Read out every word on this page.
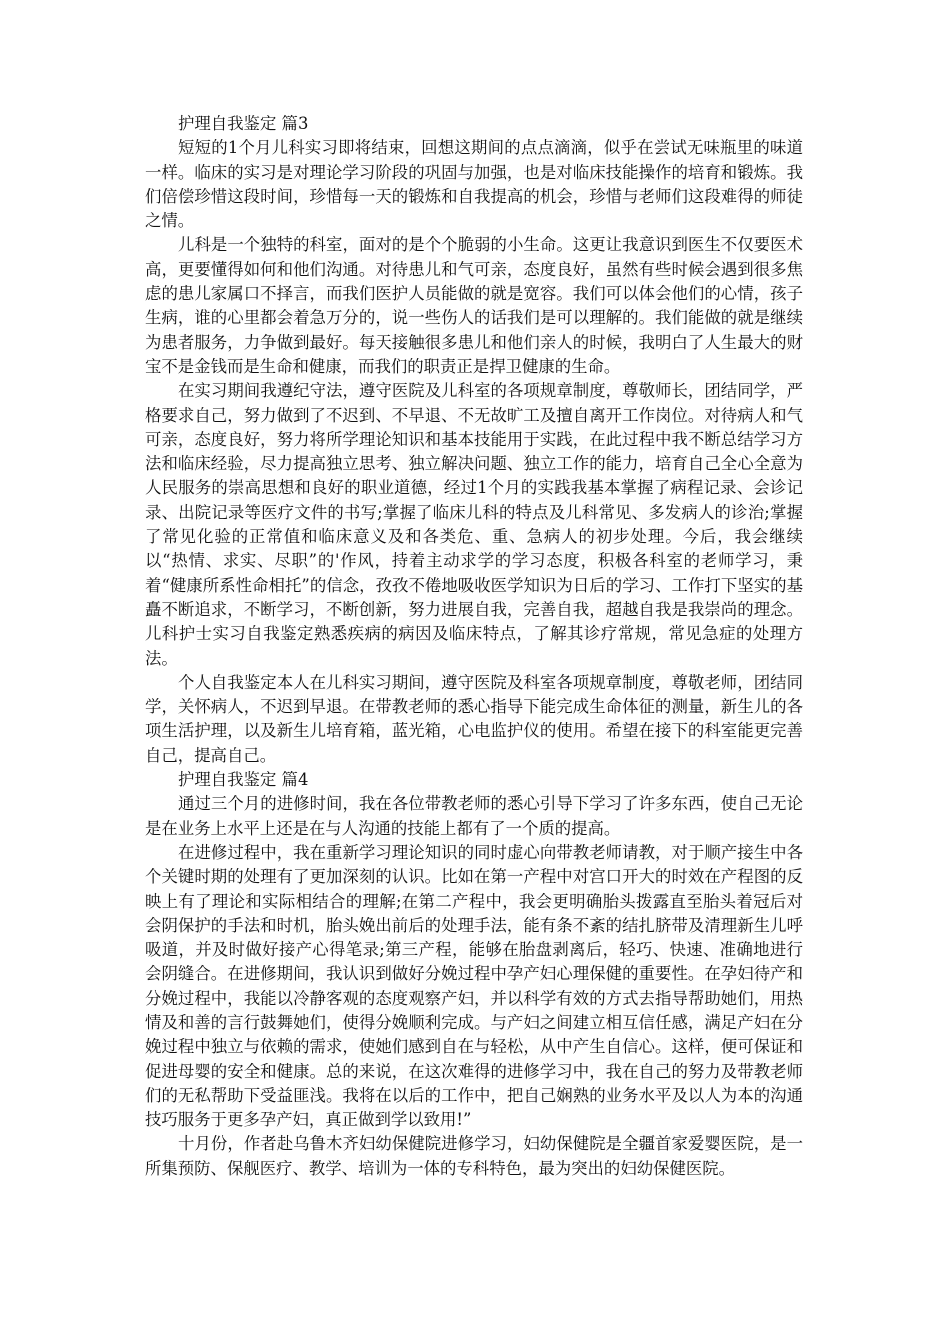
护理自我鉴定 篇3

短短的1个月儿科实习即将结束，回想这期间的点点滴滴，似乎在尝试无味瓶里的味道一样。临床的实习是对理论学习阶段的巩固与加强，也是对临床技能操作的培育和锻炼。我们倍偿珍惜这段时间，珍惜每一天的锻炼和自我提高的机会，珍惜与老师们这段难得的师徒之情。

儿科是一个独特的科室，面对的是个个脆弱的小生命。这更让我意识到医生不仅要医术高，更要懂得如何和他们沟通。对待患儿和气可亲，态度良好，虽然有些时候会遇到很多焦虑的患儿家属口不择言，而我们医护人员能做的就是宽容。我们可以体会他们的心情，孩子生病，谁的心里都会着急万分的，说一些伤人的话我们是可以理解的。我们能做的就是继续为患者服务，力争做到最好。每天接触很多患儿和他们亲人的时候，我明白了人生最大的财宝不是金钱而是生命和健康，而我们的职责正是捍卫健康的生命。

在实习期间我遵纪守法，遵守医院及儿科室的各项规章制度，尊敬师长，团结同学，严格要求自己，努力做到了不迟到、不早退、不无故旷工及擅自离开工作岗位。对待病人和气可亲，态度良好，努力将所学理论知识和基本技能用于实践，在此过程中我不断总结学习方法和临床经验，尽力提高独立思考、独立解决问题、独立工作的能力，培育自己全心全意为人民服务的崇高思想和良好的职业道德，经过1个月的实践我基本掌握了病程记录、会诊记录、出院记录等医疗文件的书写;掌握了临床儿科的特点及儿科常见、多发病人的诊治;掌握了常见化验的正常值和临床意义及和各类危、重、急病人的初步处理。今后，我会继续以“热情、求实、尽职”的'作风，持着主动求学的学习态度，积极各科室的老师学习，秉着“健康所系性命相托”的信念，孜孜不倦地吸收医学知识为日后的学习、工作打下坚实的基矗不断追求，不断学习，不断创新，努力进展自我，完善自我，超越自我是我崇尚的理念。儿科护士实习自我鉴定熟悉疾病的病因及临床特点，了解其诊疗常规，常见急症的处理方法。

个人自我鉴定本人在儿科实习期间，遵守医院及科室各项规章制度，尊敬老师，团结同学，关怀病人，不迟到早退。在带教老师的悉心指导下能完成生命体征的测量，新生儿的各项生活护理，以及新生儿培育箱，蓝光箱，心电监护仪的使用。希望在接下的科室能更完善自己，提高自己。

护理自我鉴定 篇4

通过三个月的进修时间，我在各位带教老师的悉心引导下学习了许多东西，使自己无论是在业务上水平上还是在与人沟通的技能上都有了一个质的提高。

在进修过程中，我在重新学习理论知识的同时虚心向带教老师请教，对于顺产接生中各个关键时期的处理有了更加深刻的认识。比如在第一产程中对宫口开大的时效在产程图的反映上有了理论和实际相结合的理解;在第二产程中，我会更明确胎头拨露直至胎头着冠后对会阴保护的手法和时机，胎头娩出前后的处理手法，能有条不紊的结扎脐带及清理新生儿呼吸道，并及时做好接产心得笔录;第三产程，能够在胎盘剥离后，轻巧、快速、准确地进行会阴缝合。在进修期间，我认识到做好分娩过程中孕产妇心理保健的重要性。在孕妇待产和分娩过程中，我能以冷静客观的态度观察产妇，并以科学有效的方式去指导帮助她们，用热情及和善的言行鼓舞她们，使得分娩顺利完成。与产妇之间建立相互信任感，满足产妇在分娩过程中独立与依赖的需求，使她们感到自在与轻松，从中产生自信心。这样，便可保证和促进母婴的安全和健康。总的来说，在这次难得的进修学习中，我在自己的努力及带教老师们的无私帮助下受益匪浅。我将在以后的工作中，把自己娴熟的业务水平及以人为本的沟通技巧服务于更多孕产妇，真正做到学以致用!”

十月份，作者赴乌鲁木齐妇幼保健院进修学习，妇幼保健院是全疆首家爱婴医院，是一所集预防、保舰医疗、教学、培训为一体的专科特色，最为突出的妇幼保健医院。
